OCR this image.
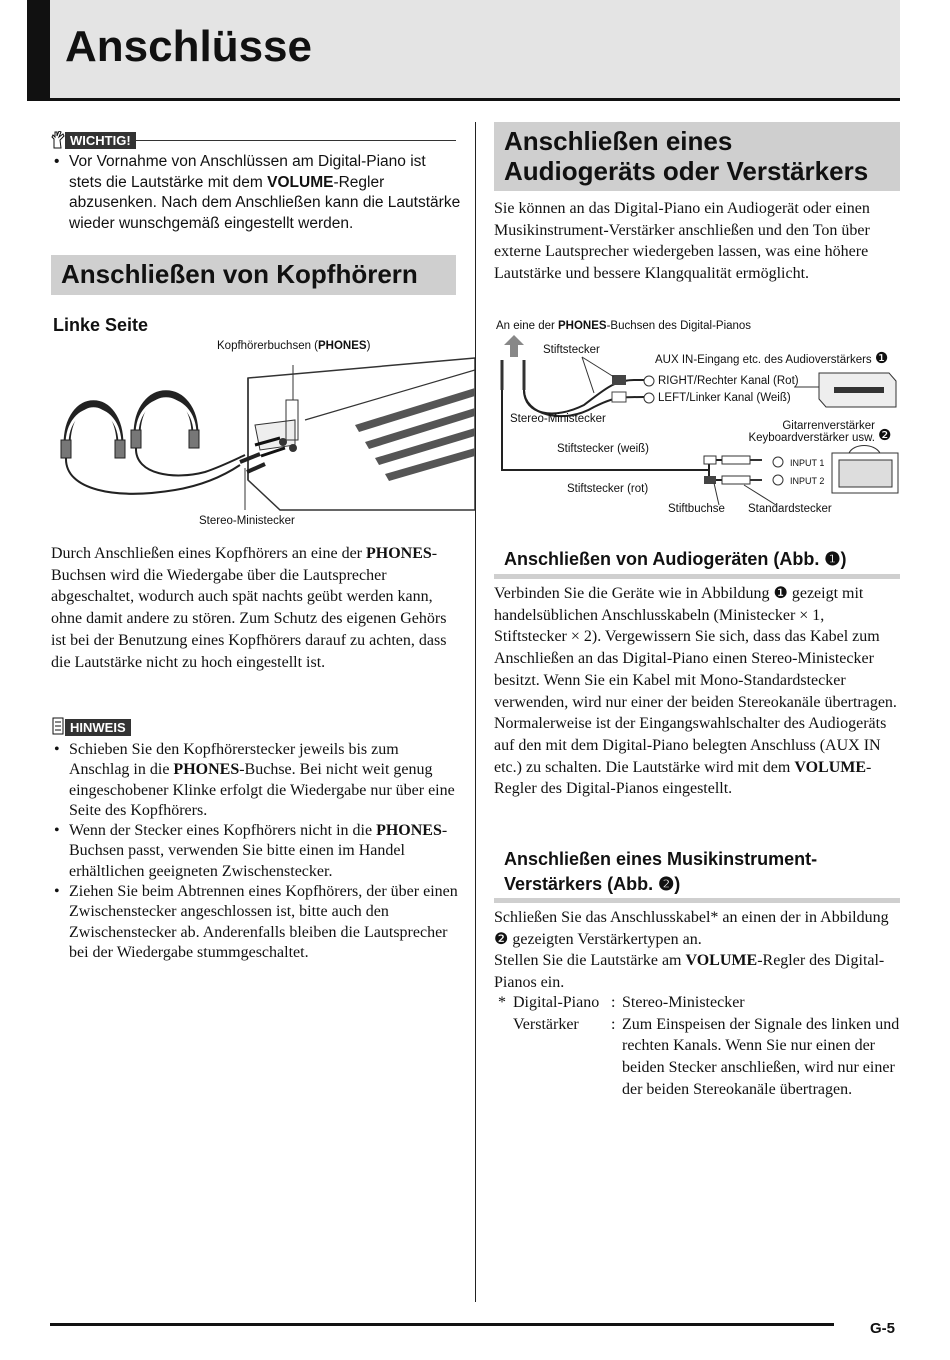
Anschlüsse
WICHTIG!
• Vor Vornahme von Anschlüssen am Digital-Piano ist stets die Lautstärke mit dem VOLUME-Regler abzusenken. Nach dem Anschließen kann die Lautstärke wieder wunschgemäß eingestellt werden.
Anschließen von Kopfhörern
Linke Seite
Kopfhörerbuchsen (PHONES)
Stereo-Ministecker
Durch Anschließen eines Kopfhörers an eine der PHONES-Buchsen wird die Wiedergabe über die Lautsprecher abgeschaltet, wodurch auch spät nachts geübt werden kann, ohne damit andere zu stören. Zum Schutz des eigenen Gehörs ist bei der Benutzung eines Kopfhörers darauf zu achten, dass die Lautstärke nicht zu hoch eingestellt ist.
HINWEIS
• Schieben Sie den Kopfhörerstecker jeweils bis zum Anschlag in die PHONES-Buchse. Bei nicht weit genug eingeschobener Klinke erfolgt die Wiedergabe nur über eine Seite des Kopfhörers.
• Wenn der Stecker eines Kopfhörers nicht in die PHONES-Buchsen passt, verwenden Sie bitte einen im Handel erhältlichen geeigneten Zwischenstecker.
• Ziehen Sie beim Abtrennen eines Kopfhörers, der über einen Zwischenstecker angeschlossen ist, bitte auch den Zwischenstecker ab. Anderenfalls bleiben die Lautsprecher bei der Wiedergabe stummgeschaltet.
Anschließen eines Audiogeräts oder Verstärkers
Sie können an das Digital-Piano ein Audiogerät oder einen Musikinstrument-Verstärker anschließen und den Ton über externe Lautsprecher wiedergeben lassen, was eine höhere Lautstärke und bessere Klangqualität ermöglicht.
An eine der PHONES-Buchsen des Digital-Pianos
Stiftstecker
AUX IN-Eingang etc. des Audioverstärkers ❶
RIGHT/Rechter Kanal (Rot)
LEFT/Linker Kanal (Weiß)
Stereo-Ministecker
Gitarrenverstärker
Keyboardverstärker usw. ❷
Stiftstecker (weiß)
INPUT 1
INPUT 2
Stiftstecker (rot)
Stiftbuchse Standardstecker
Anschließen von Audiogeräten (Abb. ❶)
Verbinden Sie die Geräte wie in Abbildung ❶ gezeigt mit handelsüblichen Anschlusskabeln (Ministecker × 1, Stiftstecker × 2). Vergewissern Sie sich, dass das Kabel zum Anschließen an das Digital-Piano einen Stereo-Ministecker besitzt. Wenn Sie ein Kabel mit Mono-Standardstecker verwenden, wird nur einer der beiden Stereokanäle übertragen. Normalerweise ist der Eingangswahlschalter des Audiogeräts auf den mit dem Digital-Piano belegten Anschluss (AUX IN etc.) zu schalten. Die Lautstärke wird mit dem VOLUME-Regler des Digital-Pianos eingestellt.
Anschließen eines Musikinstrument-
Verstärkers (Abb. ❷)
Schließen Sie das Anschlusskabel* an einen der in Abbildung ❷ gezeigten Verstärkertypen an.
Stellen Sie die Lautstärke am VOLUME-Regler des Digital-Pianos ein.
* Digital-Piano : Stereo-Ministecker
Verstärker : Zum Einspeisen der Signale des linken und rechten Kanals. Wenn Sie nur einen der beiden Stecker anschließen, wird nur einer der beiden Stereokanäle übertragen.
G-5
